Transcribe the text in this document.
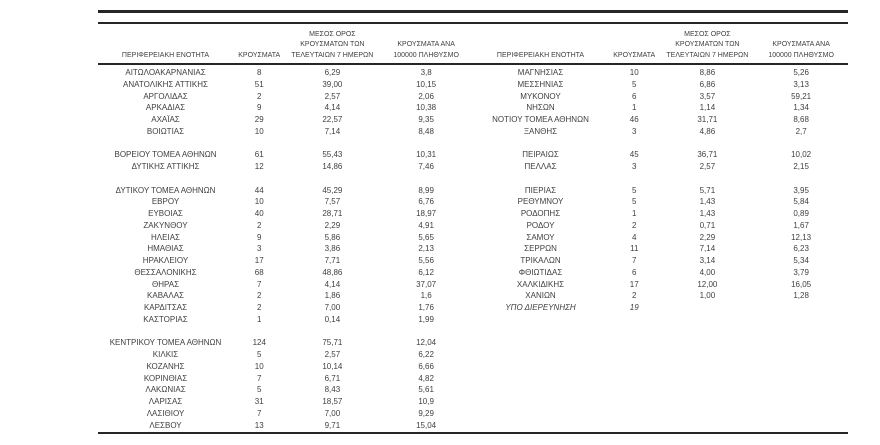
ΠΕΡΙΦΕΡΕΙΑΚΗ ΕΝΟΤΗΤΑ	ΚΡΟΥΣΜΑΤΑ
ΜΕΣΟΣ ΟΡΟΣ
ΚΡΟΥΣΜΑΤΩΝ ΤΩΝ
ΤΕΛΕΥΤΑΙΩΝ 7 ΗΜΕΡΩΝ
ΚΡΟΥΣΜΑΤΑ ΑΝΑ
100000 ΠΛΗΘΥΣΜΟ
ΑΙΤΩΛΟΑΚΑΡΝΑΝΙΑΣ	8	6,29	3,8
ΑΝΑΤΟΛΙΚΗΣ ΑΤΤΙΚΗΣ	51	39,00	10,15
ΑΡΓΟΛΙΔΑΣ	2	2,57	2,06
ΑΡΚΑΔΙΑΣ	9	4,14	10,38
ΑΧΑΪΑΣ	29	22,57	9,35
ΒΟΙΩΤΙΑΣ	10	7,14	8,48
ΒΟΡΕΙΟΥ ΤΟΜΕΑ ΑΘΗΝΩΝ	61	55,43	10,31
ΔΥΤΙΚΗΣ ΑΤΤΙΚΗΣ	12	14,86	7,46
ΔΥΤΙΚΟΥ ΤΟΜΕΑ ΑΘΗΝΩΝ	44	45,29	8,99
ΕΒΡΟΥ	10	7,57	6,76
ΕΥΒΟΙΑΣ	40	28,71	18,97
ΖΑΚΥΝΘΟΥ	2	2,29	4,91
ΗΛΕΙΑΣ	9	5,86	5,65
ΗΜΑΘΙΑΣ	3	3,86	2,13
ΗΡΑΚΛΕΙΟΥ	17	7,71	5,56
ΘΕΣΣΑΛΟΝΙΚΗΣ	68	48,86	6,12
ΘΗΡΑΣ	7	4,14	37,07
ΚΑΒΑΛΑΣ	2	1,86	1,6
ΚΑΡΔΙΤΣΑΣ	2	7,00	1,76
ΚΑΣΤΟΡΙΑΣ	1	0,14	1,99
ΚΕΝΤΡΙΚΟΥ ΤΟΜΕΑ ΑΘΗΝΩΝ	124	75,71	12,04
ΚΙΛΚΙΣ	5	2,57	6,22
ΚΟΖΑΝΗΣ	10	10,14	6,66
ΚΟΡΙΝΘΙΑΣ	7	6,71	4,82
ΛΑΚΩΝΙΑΣ	5	8,43	5,61
ΛΑΡΙΣΑΣ	31	18,57	10,9
ΛΑΣΙΘΙΟΥ	7	7,00	9,29
ΛΕΣΒΟΥ	13	9,71	15,04
ΠΕΡΙΦΕΡΕΙΑΚΗ ΕΝΟΤΗΤΑ	ΚΡΟΥΣΜΑΤΑ
ΜΕΣΟΣ ΟΡΟΣ
ΚΡΟΥΣΜΑΤΩΝ ΤΩΝ
ΤΕΛΕΥΤΑΙΩΝ 7 ΗΜΕΡΩΝ
ΚΡΟΥΣΜΑΤΑ ΑΝΑ
100000 ΠΛΗΘΥΣΜΟ
ΜΑΓΝΗΣΙΑΣ	10	8,86	5,26
ΜΕΣΣΗΝΙΑΣ	5	6,86	3,13
ΜΥΚΟΝΟΥ	6	3,57	59,21
ΝΗΣΩΝ	1	1,14	1,34
ΝΟΤΙΟΥ ΤΟΜΕΑ ΑΘΗΝΩΝ	46	31,71	8,68
ΞΑΝΘΗΣ	3	4,86	2,7
ΠΕΙΡΑΙΩΣ	45	36,71	10,02
ΠΕΛΛΑΣ	3	2,57	2,15
ΠΙΕΡΙΑΣ	5	5,71	3,95
ΡΕΘΥΜΝΟΥ	5	1,43	5,84
ΡΟΔΟΠΗΣ	1	1,43	0,89
ΡΟΔΟΥ	2	0,71	1,67
ΣΑΜΟΥ	4	2,29	12,13
ΣΕΡΡΩΝ	11	7,14	6,23
ΤΡΙΚΑΛΩΝ	7	3,14	5,34
ΦΘΙΩΤΙΔΑΣ	6	4,00	3,79
ΧΑΛΚΙΔΙΚΗΣ	17	12,00	16,05
ΧΑΝΙΩΝ	2	1,00	1,28
ΥΠΟ ΔΙΕΡΕΥΝΗΣΗ	19
